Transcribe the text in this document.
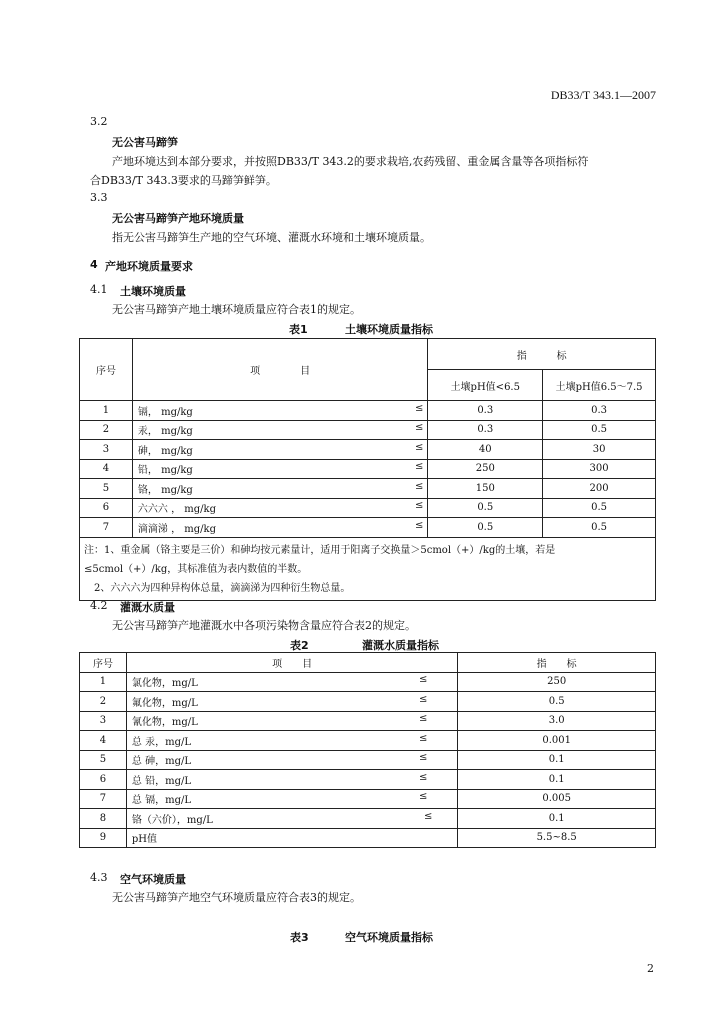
DB33/T 343.1—2007
3.2
无公害马蹄笋
产地环境达到本部分要求，并按照DB33/T 343.2的要求栽培,农药残留、重金属含量等各项指标符
合DB33/T 343.3要求的马蹄笋鲜笋。
3.3
无公害马蹄笋产地环境质量
指无公害马蹄笋生产地的空气环境、灌溉水环境和土壤环境质量。
4 产地环境质量要求
4.1 土壤环境质量
无公害马蹄笋产地土壤环境质量应符合表1的规定。
表1	土壤环境质量指标
序号	项　　　　目	指　　　标	
		土壤pH值<6.5	土壤pH值6.5～7.5
1	镉， mg/kg ≤	0.3	0.3
2	汞， mg/kg ≤	0.3	0.5
3	砷， mg/kg ≤	40	30
4	铅， mg/kg ≤	250	300
5	铬， mg/kg ≤	150	200
6	六六六 ， mg/kg ≤	0.5	0.5
7	滴滴涕 ， mg/kg ≤	0.5	0.5

注：1、重金属（铬主要是三价）和砷均按元素量计，适用于阳离子交换量＞5cmol（+）/kg的土壤，若是
≤5cmol（+）/kg，其标准值为表内数值的半数。
　2、六六六为四种异构体总量，滴滴涕为四种衍生物总量。			
4.2 灌溉水质量
无公害马蹄笋产地灌溉水中各项污染物含量应符合表2的规定。
表2	灌溉水质量指标
序号	项　　目	指　　标
1	氯化物，mg/L ≤	250
2	氟化物，mg/L ≤	0.5
3	氰化物，mg/L ≤	3.0
4	总 汞，mg/L ≤	0.001
5	总 砷，mg/L ≤	0.1
6	总 铅，mg/L ≤	0.1
7	总 镉，mg/L ≤	0.005
8	铬（六价），mg/L ≤	0.1
9	pH值	5.5~8.5
4.3 空气环境质量
无公害马蹄笋产地空气环境质量应符合表3的规定。
表3	空气环境质量指标
2
